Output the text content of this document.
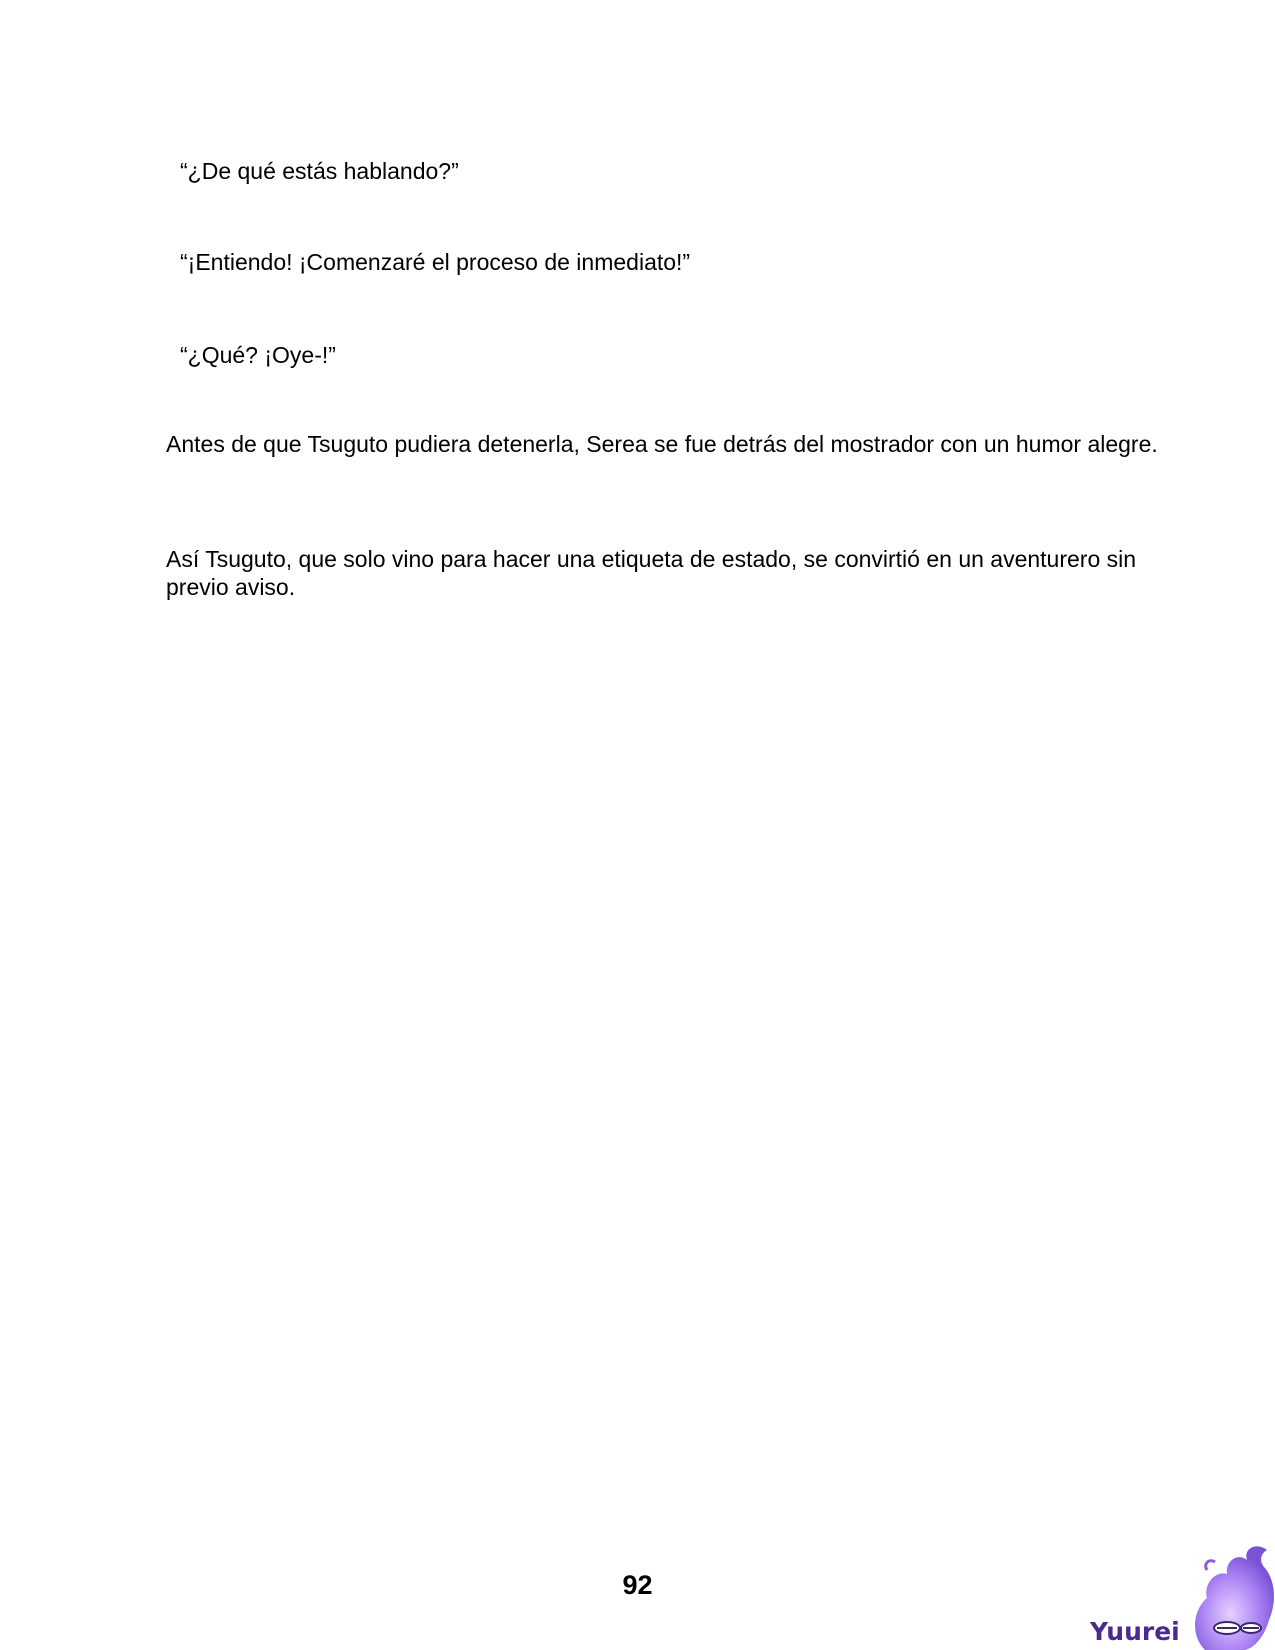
“¿De qué estás hablando?”

“¡Entiendo! ¡Comenzaré el proceso de inmediato!”

“¿Qué? ¡Oye-!”

Antes de que Tsuguto pudiera detenerla, Serea se fue detrás del mostrador con un humor alegre.

Así Tsuguto, que solo vino para hacer una etiqueta de estado, se convirtió en un aventurero sin previo aviso.

92
Yuurei
